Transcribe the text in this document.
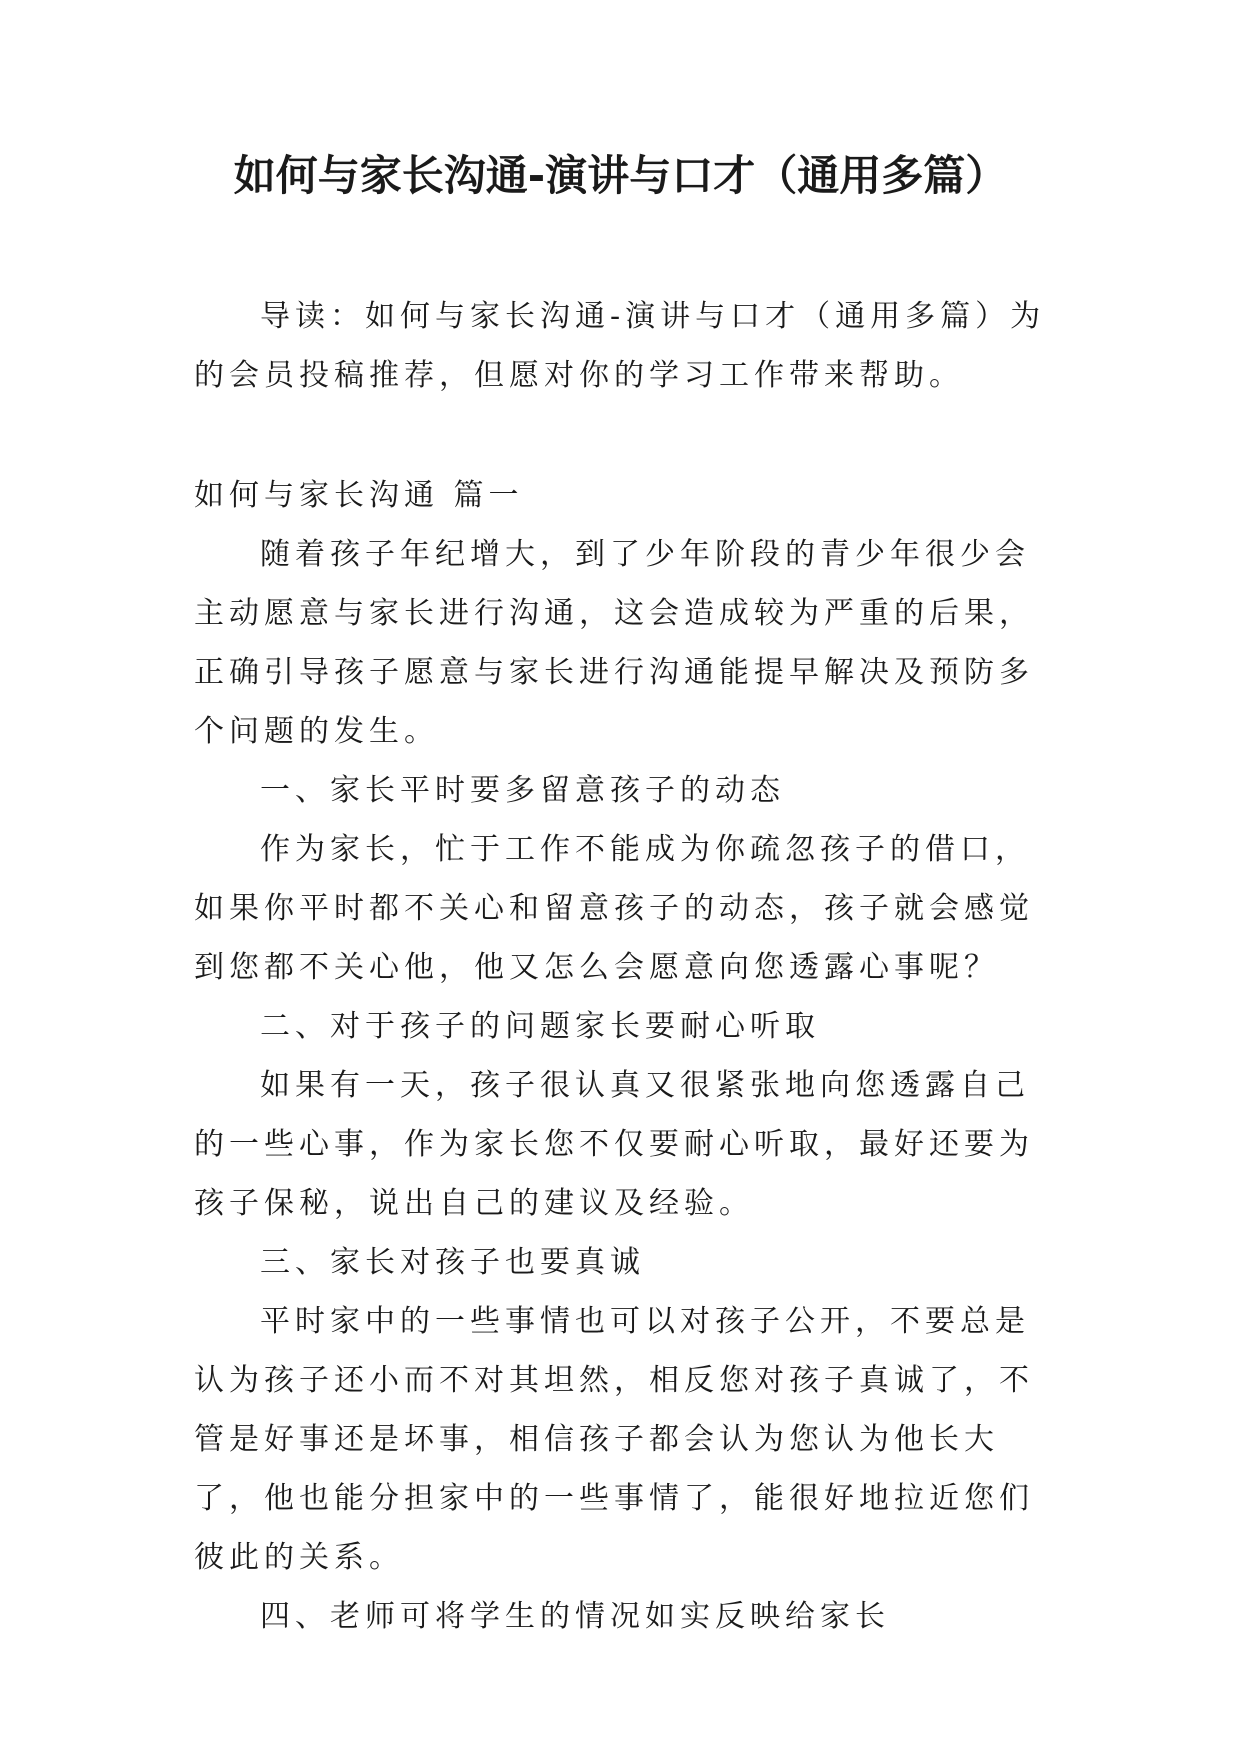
如何与家长沟通-演讲与口才（通用多篇）

导读：如何与家长沟通-演讲与口才（通用多篇）为的会员投稿推荐，但愿对你的学习工作带来帮助。

如何与家长沟通 篇一

随着孩子年纪增大，到了少年阶段的青少年很少会主动愿意与家长进行沟通，这会造成较为严重的后果，正确引导孩子愿意与家长进行沟通能提早解决及预防多个问题的发生。

一、家长平时要多留意孩子的动态

作为家长，忙于工作不能成为你疏忽孩子的借口，如果你平时都不关心和留意孩子的动态，孩子就会感觉到您都不关心他，他又怎么会愿意向您透露心事呢？

二、对于孩子的问题家长要耐心听取

如果有一天，孩子很认真又很紧张地向您透露自己的一些心事，作为家长您不仅要耐心听取，最好还要为孩子保秘，说出自己的建议及经验。

三、家长对孩子也要真诚

平时家中的一些事情也可以对孩子公开，不要总是认为孩子还小而不对其坦然，相反您对孩子真诚了，不管是好事还是坏事，相信孩子都会认为您认为他长大了，他也能分担家中的一些事情了，能很好地拉近您们彼此的关系。

四、老师可将学生的情况如实反映给家长
